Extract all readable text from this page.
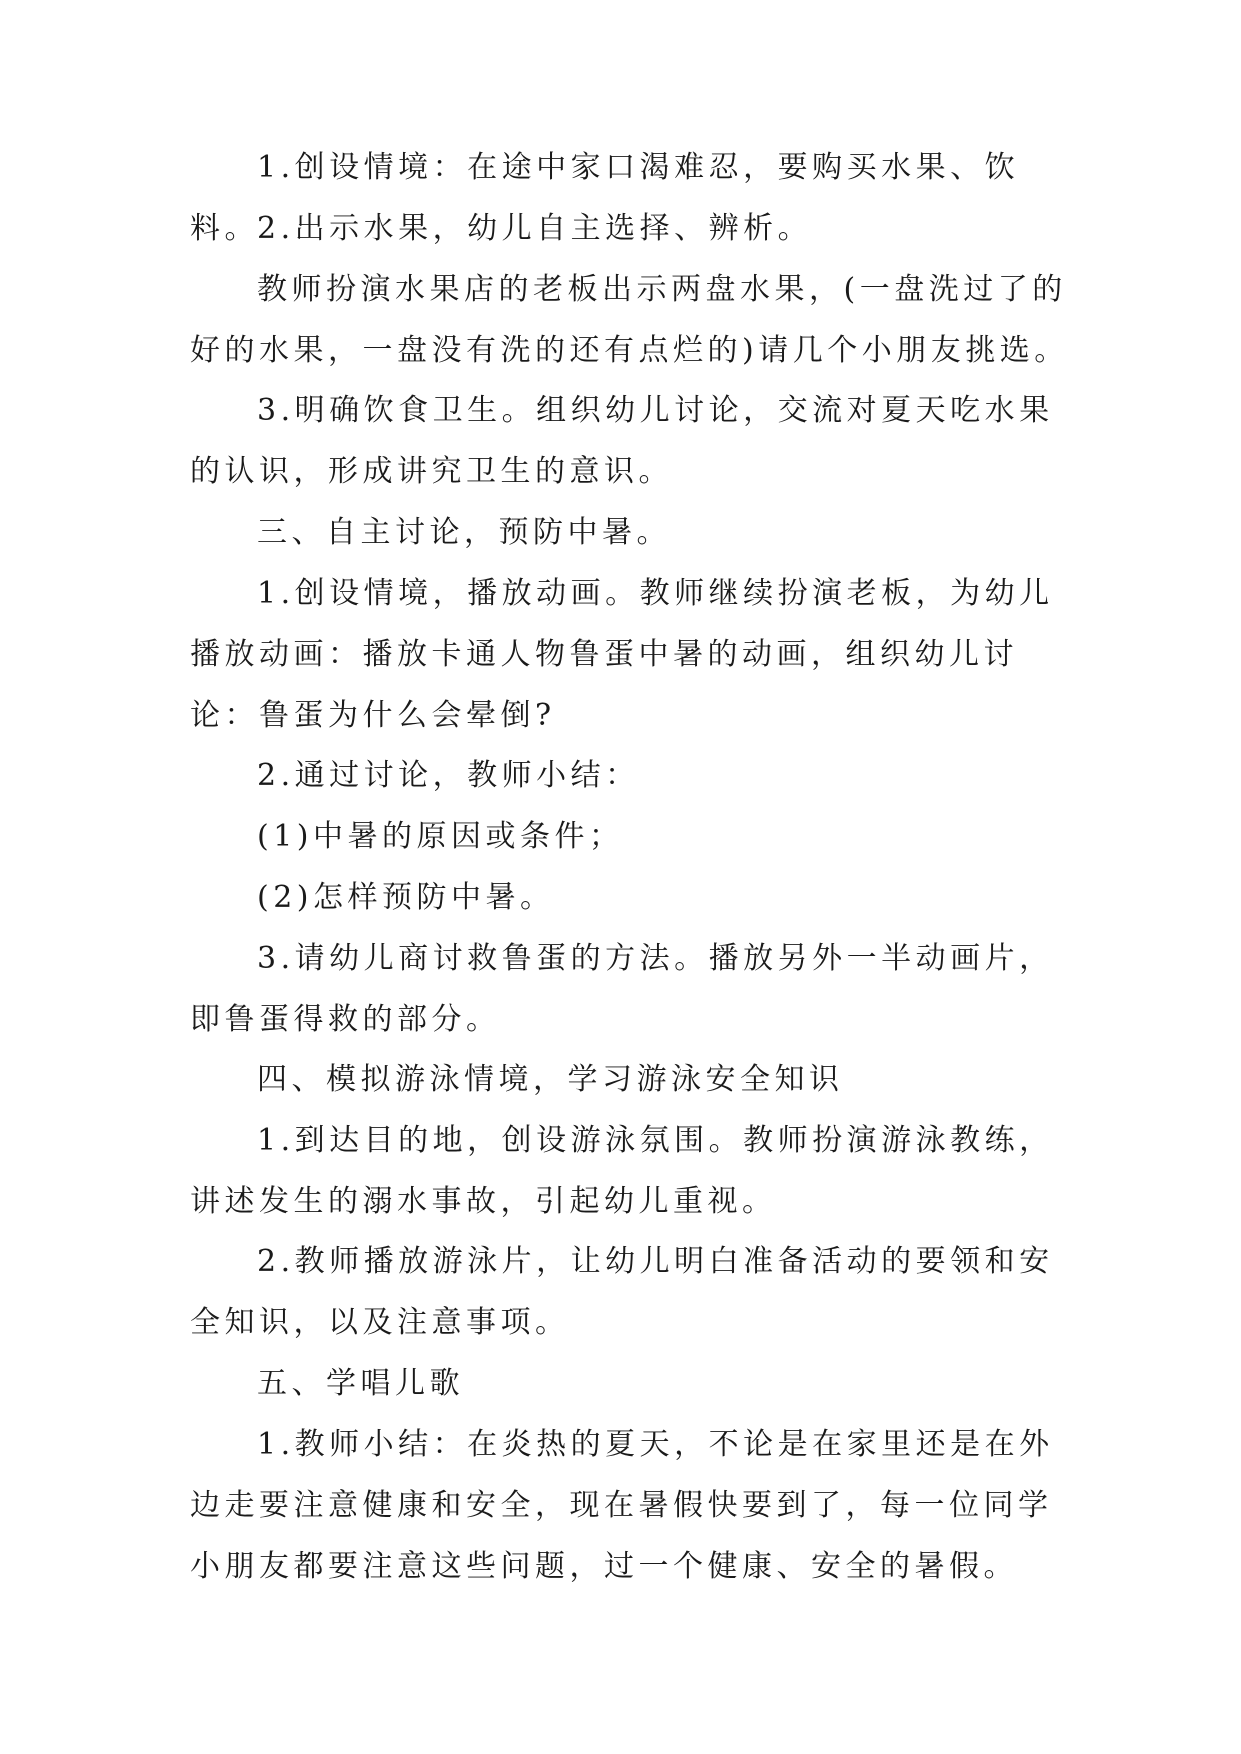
1.创设情境：在途中家口渴难忍，要购买水果、饮料。

2.出示水果，幼儿自主选择、辨析。

教师扮演水果店的老板出示两盘水果，(一盘洗过了的好的水果，一盘没有洗的还有点烂的)请几个小朋友挑选。

3.明确饮食卫生。组织幼儿讨论，交流对夏天吃水果的认识，形成讲究卫生的意识。

三、自主讨论，预防中暑。

1.创设情境，播放动画。教师继续扮演老板，为幼儿播放动画：播放卡通人物鲁蛋中暑的动画，组织幼儿讨论：鲁蛋为什么会晕倒?

2.通过讨论，教师小结：

(1)中暑的原因或条件；

(2)怎样预防中暑。

3.请幼儿商讨救鲁蛋的方法。播放另外一半动画片，即鲁蛋得救的部分。

四、模拟游泳情境，学习游泳安全知识

1.到达目的地，创设游泳氛围。教师扮演游泳教练，讲述发生的溺水事故，引起幼儿重视。

2.教师播放游泳片，让幼儿明白准备活动的要领和安全知识，以及注意事项。

五、学唱儿歌

1.教师小结：在炎热的夏天，不论是在家里还是在外边走要注意健康和安全，现在暑假快要到了，每一位同学小朋友都要注意这些问题，过一个健康、安全的暑假。
